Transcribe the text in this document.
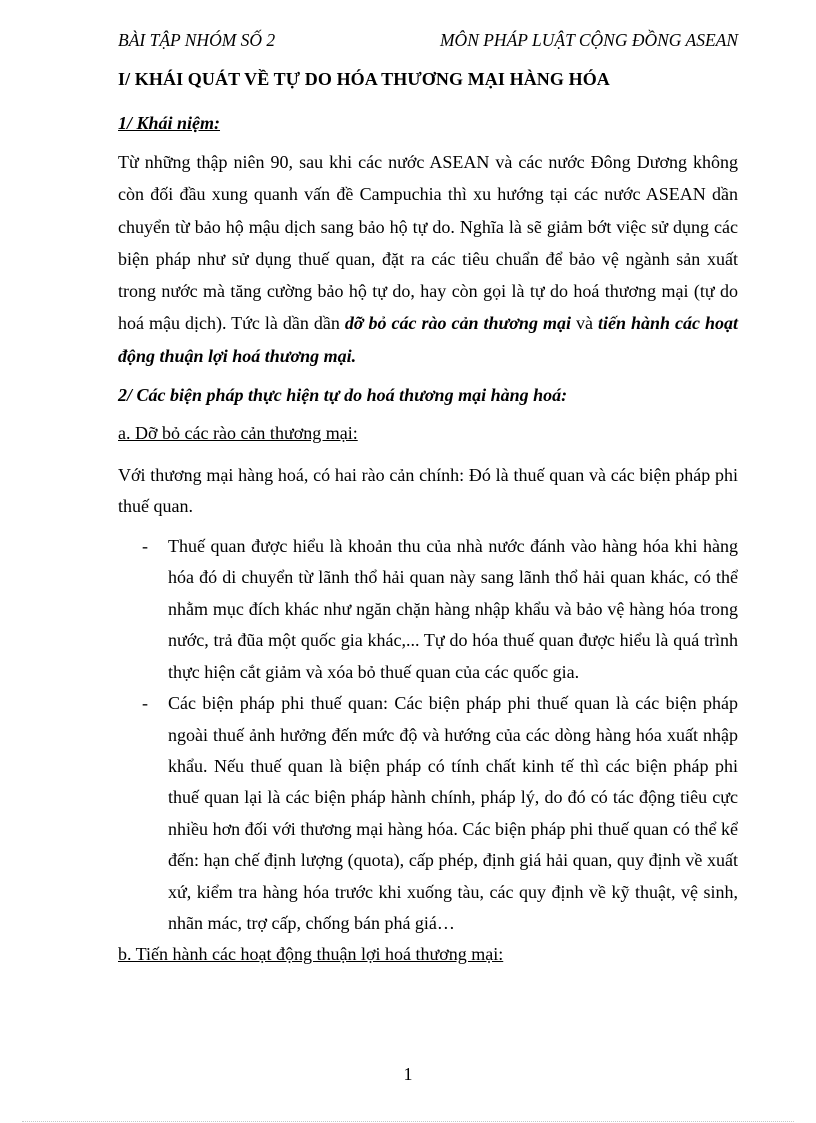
BÀI TẬP NHÓM SỐ 2	MÔN PHÁP LUẬT CỘNG ĐỒNG ASEAN

I/ KHÁI QUÁT VỀ TỰ DO HÓA THƯƠNG MẠI HÀNG HÓA

1/ Khái niệm:

Từ những thập niên 90, sau khi các nước ASEAN và các nước Đông Dương không còn đối đầu xung quanh vấn đề Campuchia thì xu hướng tại các nước ASEAN dần chuyển từ bảo hộ mậu dịch sang bảo hộ tự do. Nghĩa là sẽ giảm bớt việc sử dụng các biện pháp như sử dụng thuế quan, đặt ra các tiêu chuẩn để bảo vệ ngành sản xuất trong nước mà tăng cường bảo hộ tự do, hay còn gọi là tự do hoá thương mại (tự do hoá mậu dịch). Tức là dần dần dỡ bỏ các rào cản thương mại và tiến hành các hoạt động thuận lợi hoá thương mại.

2/ Các biện pháp thực hiện tự do hoá thương mại hàng hoá:

a. Dỡ bỏ các rào cản thương mại:

Với thương mại hàng hoá, có hai rào cản chính: Đó là thuế quan và các biện pháp phi thuế quan.

- Thuế quan được hiểu là khoản thu của nhà nước đánh vào hàng hóa khi hàng hóa đó di chuyển từ lãnh thổ hải quan này sang lãnh thổ hải quan khác, có thể nhằm mục đích khác như ngăn chặn hàng nhập khẩu và bảo vệ hàng hóa trong nước, trả đũa một quốc gia khác,... Tự do hóa thuế quan được hiểu là quá trình thực hiện cắt giảm và xóa bỏ thuế quan của các quốc gia.
- Các biện pháp phi thuế quan: Các biện pháp phi thuế quan là các biện pháp ngoài thuế ảnh hưởng đến mức độ và hướng của các dòng hàng hóa xuất nhập khẩu. Nếu thuế quan là biện pháp có tính chất kinh tế thì các biện pháp phi thuế quan lại là các biện pháp hành chính, pháp lý, do đó có tác động tiêu cực nhiều hơn đối với thương mại hàng hóa. Các biện pháp phi thuế quan có thể kể đến: hạn chế định lượng (quota), cấp phép, định giá hải quan, quy định về xuất xứ, kiểm tra hàng hóa trước khi xuống tàu, các quy định về kỹ thuật, vệ sinh, nhãn mác, trợ cấp, chống bán phá giá…

b. Tiến hành các hoạt động thuận lợi hoá thương mại:

1
